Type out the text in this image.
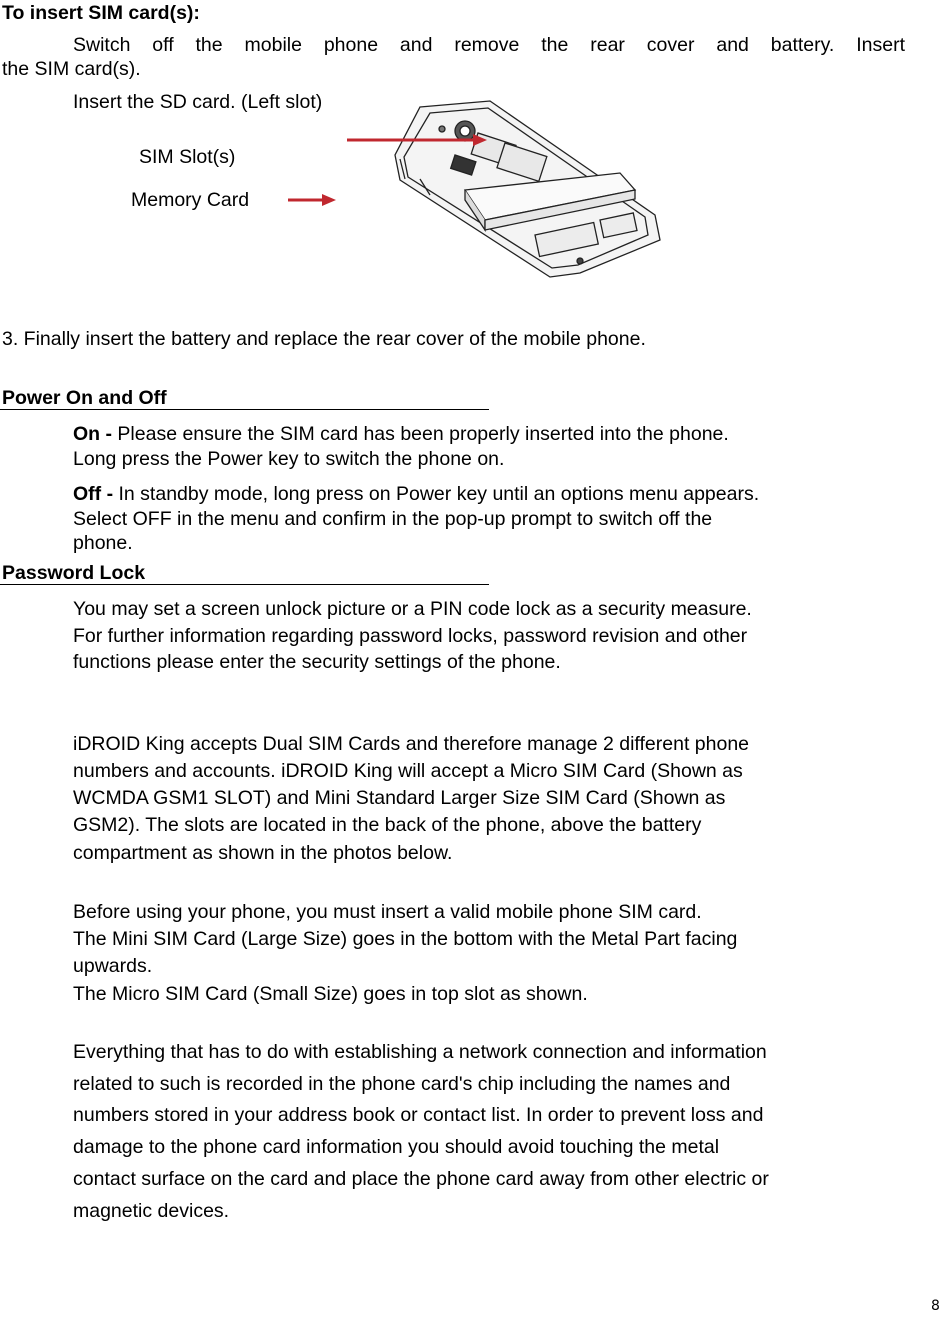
To insert SIM card(s):
Switch off the mobile phone and remove the rear cover and battery. Insert
the SIM card(s).
Insert the SD card. (Left slot)
SIM Slot(s)
Memory Card
3. Finally insert the battery and replace the rear cover of the mobile phone.
Power On and Off
On - Please ensure the SIM card has been properly inserted into the phone.
Long press the Power key to switch the phone on.
Off - In standby mode, long press on Power key until an options menu appears.
Select OFF in the menu and confirm in the pop-up prompt to switch off the
phone.
Password Lock
You may set a screen unlock picture or a PIN code lock as a security measure.
For further information regarding password locks, password revision and other
functions please enter the security settings of the phone.
iDROID King accepts Dual SIM Cards and therefore manage 2 different phone
numbers and accounts. iDROID King will accept a Micro SIM Card (Shown as
WCMDA GSM1 SLOT) and Mini Standard Larger Size SIM Card (Shown as
GSM2). The slots are located in the back of the phone, above the battery
compartment as shown in the photos below.
Before using your phone, you must insert a valid mobile phone SIM card.
The Mini SIM Card (Large Size) goes in the bottom with the Metal Part facing
upwards.
The Micro SIM Card (Small Size) goes in top slot as shown.
Everything that has to do with establishing a network connection and information
related to such is recorded in the phone card's chip including the names and
numbers stored in your address book or contact list. In order to prevent loss and
damage to the phone card information you should avoid touching the metal
contact surface on the card and place the phone card away from other electric or
magnetic devices.
8
